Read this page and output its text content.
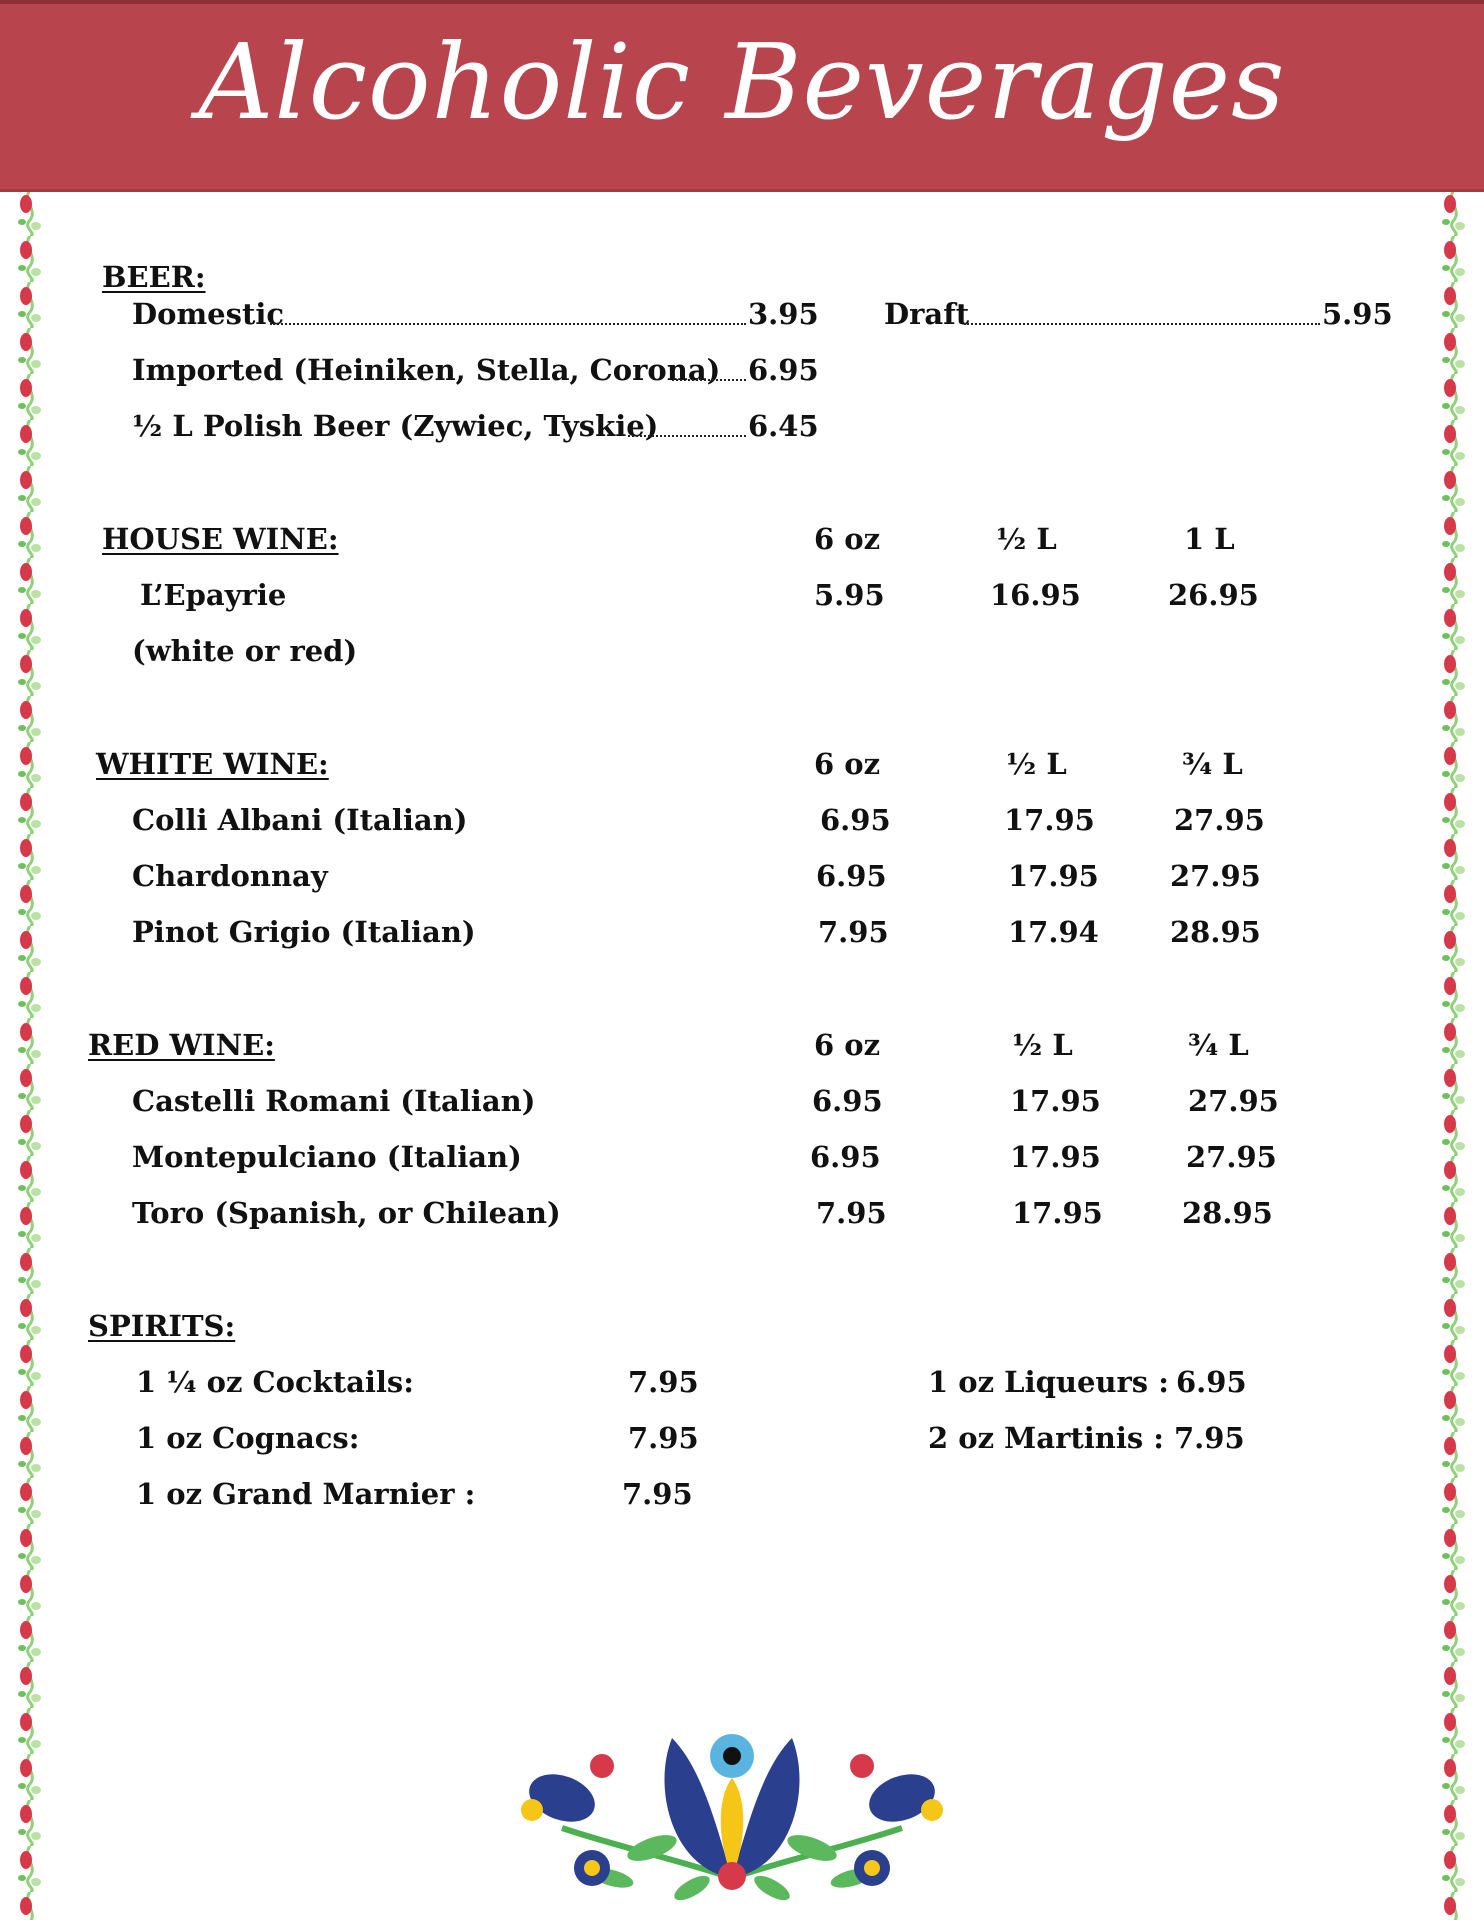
Alcoholic Beverages
BEER:
Domestic	3.95 Draft	5.95
Imported (Heiniken, Stella, Corona) 6.95
½ L Polish Beer (Zywiec, Tyskie)	6.45
HOUSE WINE:	6 oz	½ L	1 L
L’Epayrie	5.95	16.95	26.95
(white or red)
WHITE WINE:	6 oz	½ L	¾ L
Colli Albani (Italian)	6.95	17.95	27.95
Chardonnay	6.95	17.95 27.95
Pinot Grigio (Italian)	7.95	17.94 28.95
RED WINE:	6 oz	½ L	¾ L
Castelli Romani (Italian)	6.95	17.95	27.95
Montepulciano (Italian)	6.95	17.95	27.95
Toro (Spanish, or Chilean)	7.95	17.95	28.95
SPIRITS:
1 ¼ oz Cocktails:	7.95	1 oz Liqueurs : 6.95
1 oz Cognacs:	7.95	2 oz Martinis : 7.95
1 oz Grand Marnier :	7.95
